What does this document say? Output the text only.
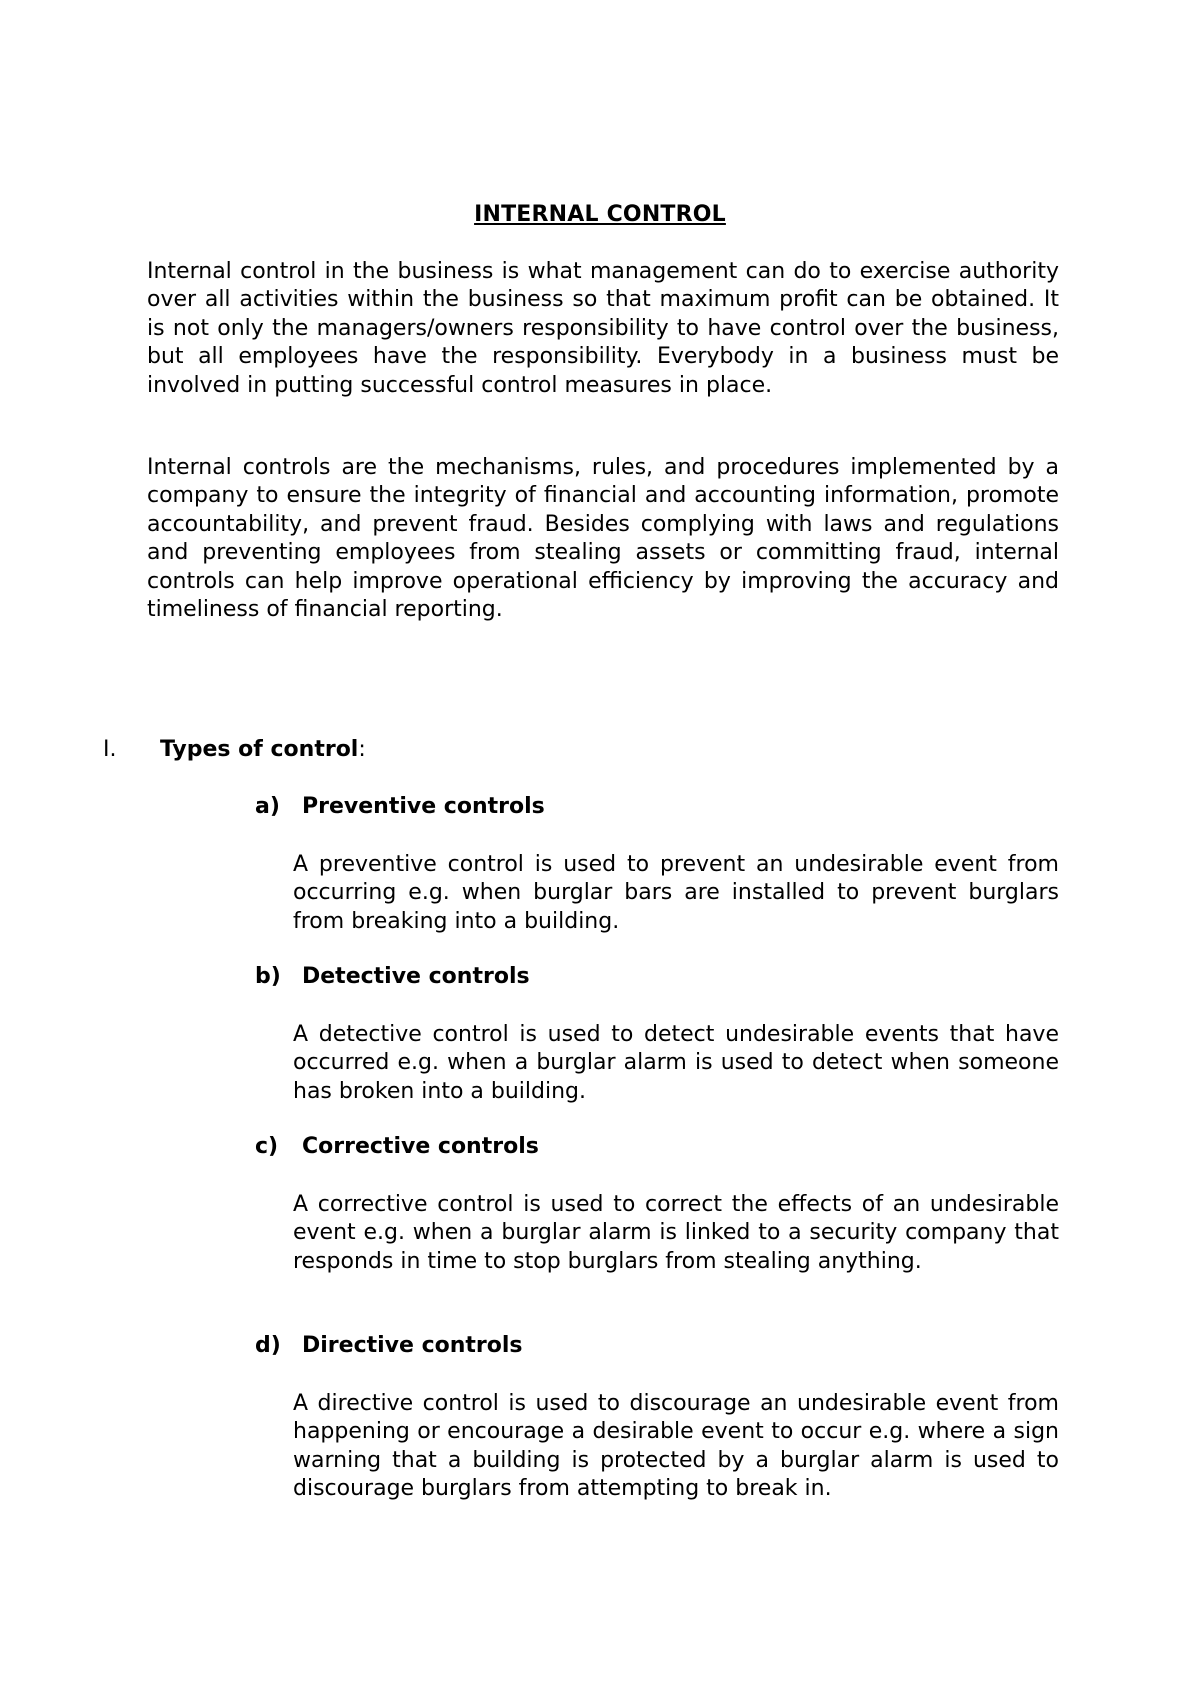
INTERNAL CONTROL

Internal control in the business is what management can do to exercise authority over all activities within the business so that maximum profit can be obtained. It is not only the managers/owners responsibility to have control over the business, but all employees have the responsibility. Everybody in a business must be involved in putting successful control measures in place.

Internal controls are the mechanisms, rules, and procedures implemented by a company to ensure the integrity of financial and accounting information, promote accountability, and prevent fraud. Besides complying with laws and regulations and preventing employees from stealing assets or committing fraud, internal controls can help improve operational efficiency by improving the accuracy and timeliness of financial reporting.

I. Types of control:
a) Preventive controls

A preventive control is used to prevent an undesirable event from occurring e.g. when burglar bars are installed to prevent burglars from breaking into a building.

b) Detective controls

A detective control is used to detect undesirable events that have occurred e.g. when a burglar alarm is used to detect when someone has broken into a building.

c) Corrective controls

A corrective control is used to correct the effects of an undesirable event e.g. when a burglar alarm is linked to a security company that responds in time to stop burglars from stealing anything.

d) Directive controls

A directive control is used to discourage an undesirable event from happening or encourage a desirable event to occur e.g. where a sign warning that a building is protected by a burglar alarm is used to discourage burglars from attempting to break in.
